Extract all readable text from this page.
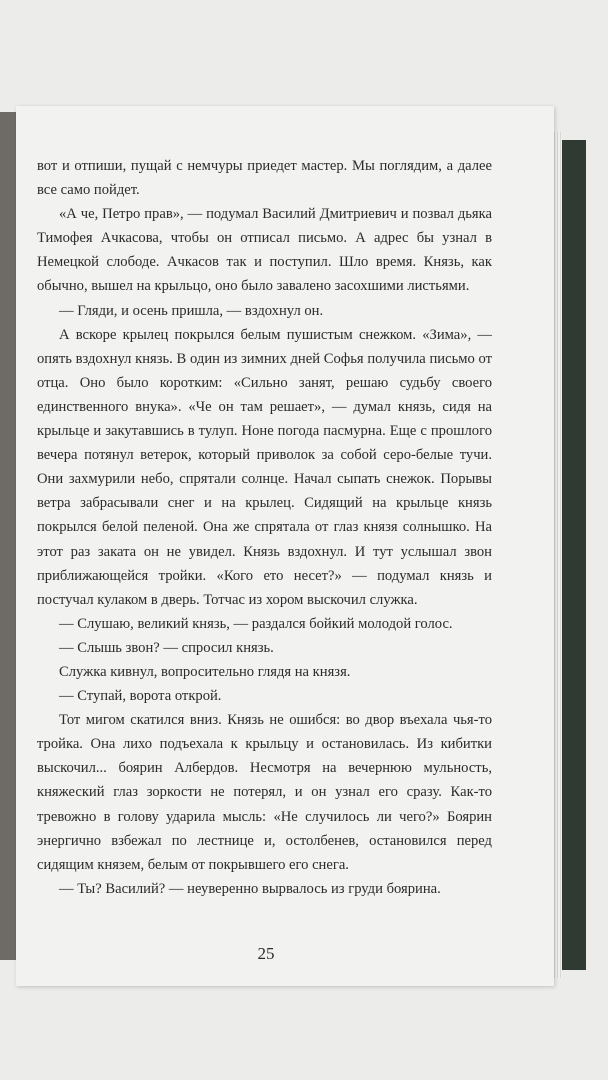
вот и отпиши, пущай с немчуры приедет мастер. Мы поглядим, а далее все само пойдет.

«А че, Петро прав», — подумал Василий Дмитриевич и позвал дьяка Тимофея Ачкасова, чтобы он отписал письмо. А адрес бы узнал в Немецкой слободе. Ачкасов так и поступил. Шло время. Князь, как обычно, вышел на крыльцо, оно было завалено засохшими листьями.

— Гляди, и осень пришла, — вздохнул он.

А вскоре крылец покрылся белым пушистым снежком. «Зима», — опять вздохнул князь. В один из зимних дней Софья получила письмо от отца. Оно было коротким: «Сильно занят, решаю судьбу своего единственного внука». «Че он там решает», — думал князь, сидя на крыльце и закутавшись в тулуп. Ноне погода пасмурна. Еще с прошлого вечера потянул ветерок, который приволок за собой серо-белые тучи. Они захмурили небо, спрятали солнце. Начал сыпать снежок. Порывы ветра забрасывали снег и на крылец. Сидящий на крыльце князь покрылся белой пеленой. Она же спрятала от глаз князя солнышко. На этот раз заката он не увидел. Князь вздохнул. И тут услышал звон приближающейся тройки. «Кого ето несет?» — подумал князь и постучал кулаком в дверь. Тотчас из хором выскочил служка.

— Слушаю, великий князь, — раздался бойкий молодой голос.

— Слышь звон? — спросил князь.

Служка кивнул, вопросительно глядя на князя.

— Ступай, ворота открой.

Тот мигом скатился вниз. Князь не ошибся: во двор въехала чья-то тройка. Она лихо подъехала к крыльцу и остановилась. Из кибитки выскочил... боярин Албердов. Несмотря на вечернюю мульность, княжеский глаз зоркости не потерял, и он узнал его сразу. Как-то тревожно в голову ударила мысль: «Не случилось ли чего?» Боярин энергично взбежал по лестнице и, остолбенев, остановился перед сидящим князем, белым от покрывшего его снега.

— Ты? Василий? — неуверенно вырвалось из груди боярина.

25
